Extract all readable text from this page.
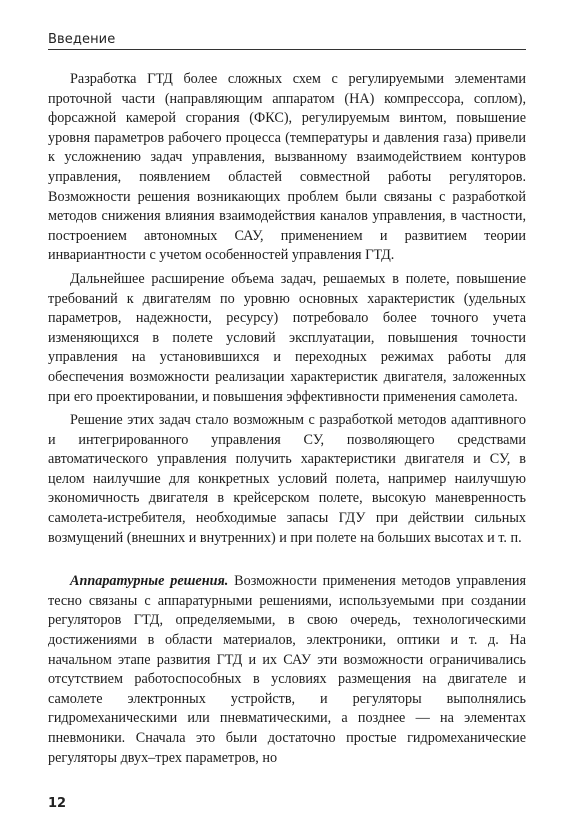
Введение

Разработка ГТД более сложных схем с регулируемыми элементами проточной части (направляющим аппаратом (НА) компрессора, соплом), форсажной камерой сгорания (ФКС), регулируемым винтом, повышение уровня параметров рабочего процесса (температуры и давления газа) привели к усложнению задач управления, вызванному взаимодействием контуров управления, появлением областей совместной работы регуляторов. Возможности решения возникающих проблем были связаны с разработкой методов снижения влияния взаимодействия каналов управления, в частности, построением автономных САУ, применением и развитием теории инвариантности с учетом особенностей управления ГТД.

Дальнейшее расширение объема задач, решаемых в полете, повышение требований к двигателям по уровню основных характеристик (удельных параметров, надежности, ресурсу) потребовало более точного учета изменяющихся в полете условий эксплуатации, повышения точности управления на установившихся и переходных режимах работы для обеспечения возможности реализации характеристик двигателя, заложенных при его проектировании, и повышения эффективности применения самолета.

Решение этих задач стало возможным с разработкой методов адаптивного и интегрированного управления СУ, позволяющего средствами автоматического управления получить характеристики двигателя и СУ, в целом наилучшие для конкретных условий полета, например наилучшую экономичность двигателя в крейсерском полете, высокую маневренность самолета-истребителя, необходимые запасы ГДУ при действии сильных возмущений (внешних и внутренних) и при полете на больших высотах и т. п.

Аппаратурные решения. Возможности применения методов управления тесно связаны с аппаратурными решениями, используемыми при создании регуляторов ГТД, определяемыми, в свою очередь, технологическими достижениями в области материалов, электроники, оптики и т. д. На начальном этапе развития ГТД и их САУ эти возможности ограничивались отсутствием работоспособных в условиях размещения на двигателе и самолете электронных устройств, и регуляторы выполнялись гидромеханическими или пневматическими, а позднее — на элементах пневмоники. Сначала это были достаточно простые гидромеханические регуляторы двух–трех параметров, но

12
